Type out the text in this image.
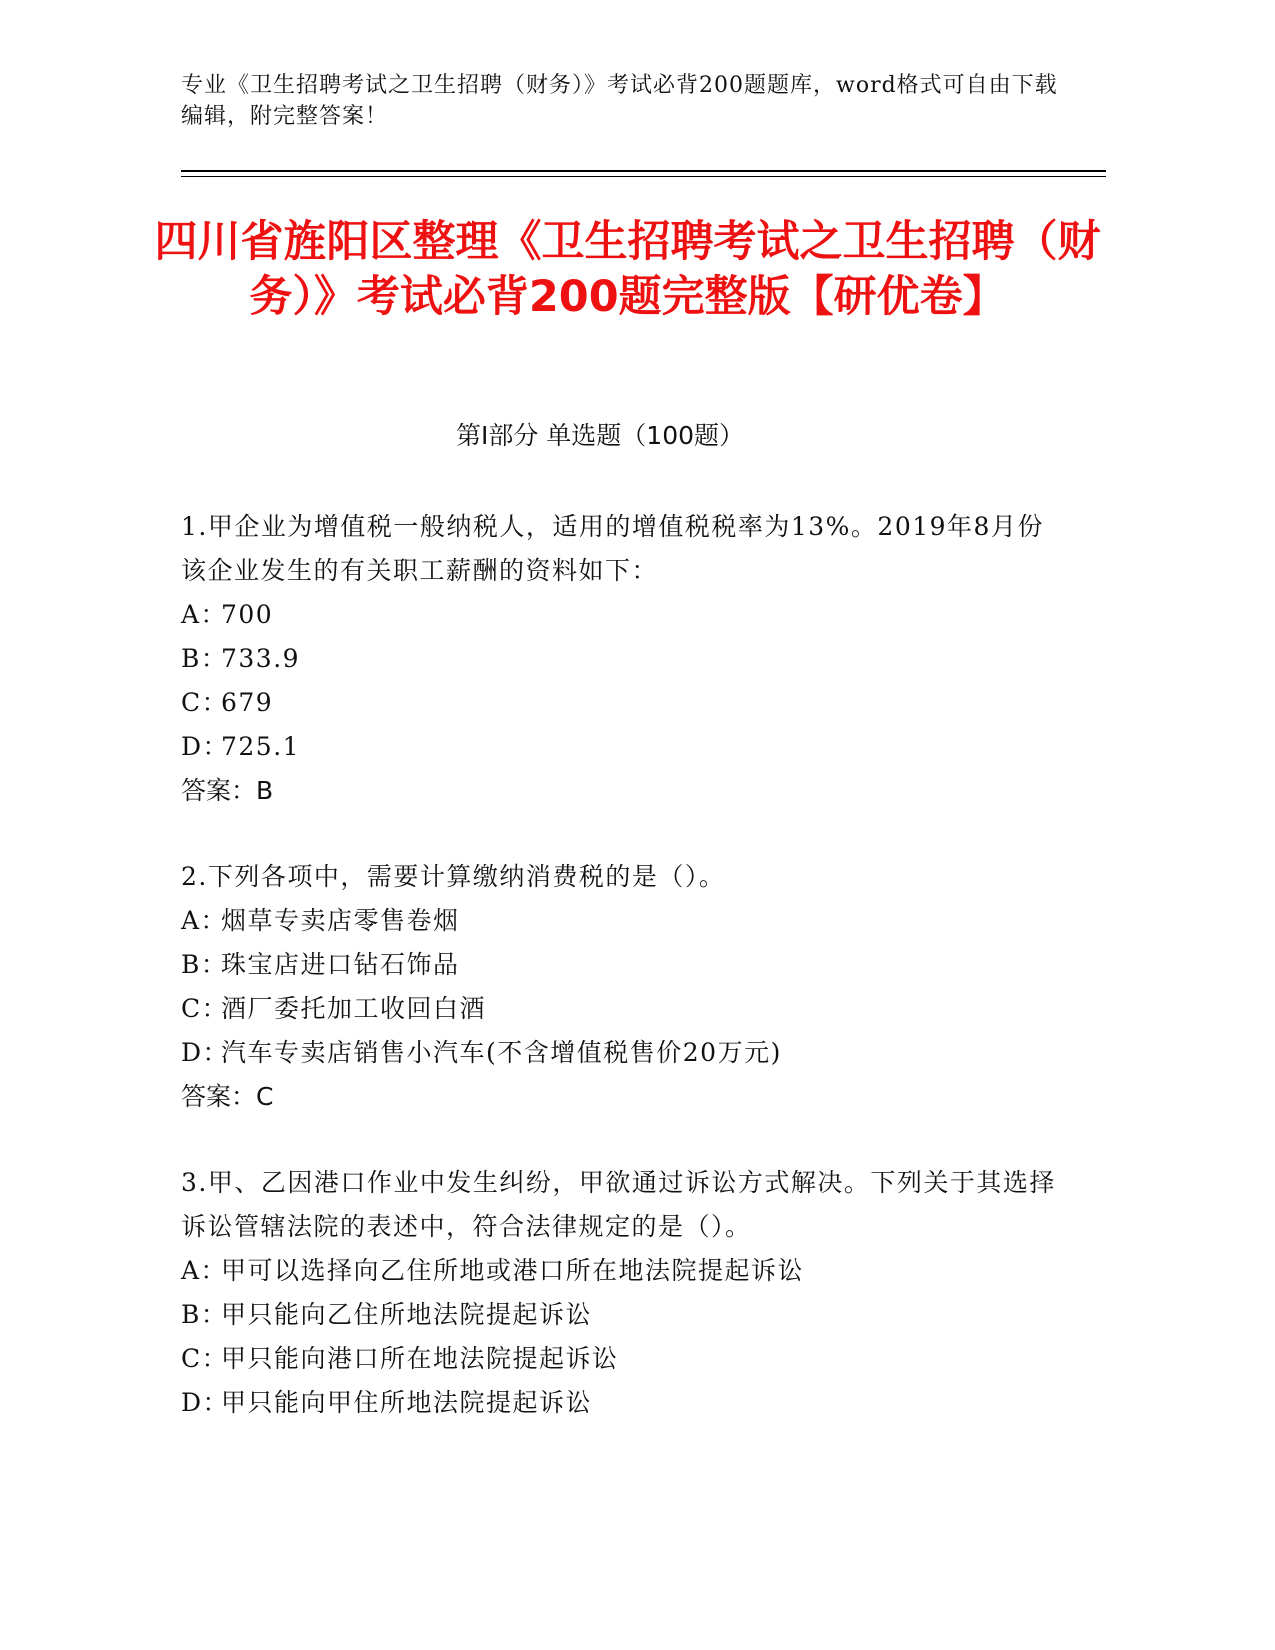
专业《卫生招聘考试之卫生招聘（财务）》考试必背200题题库，word格式可自由下载编辑，附完整答案！
四川省旌阳区整理《卫生招聘考试之卫生招聘（财务）》考试必背200题完整版【研优卷】
第Ⅰ部分 单选题（100题）
1.甲企业为增值税一般纳税人，适用的增值税税率为13%。2019年8月份该企业发生的有关职工薪酬的资料如下：
A：
700
B：
733.9
C：
679
D：
725.1
答案：B
2.下列各项中，需要计算缴纳消费税的是（）。
A：
烟草专卖店零售卷烟
B：
珠宝店进口钻石饰品
C：
酒厂委托加工收回白酒
D：
汽车专卖店销售小汽车(不含增值税售价20万元)
答案：C
3.甲、乙因港口作业中发生纠纷，甲欲通过诉讼方式解决。下列关于其选择诉讼管辖法院的表述中，符合法律规定的是（）。
A：
甲可以选择向乙住所地或港口所在地法院提起诉讼
B：
甲只能向乙住所地法院提起诉讼
C：
甲只能向港口所在地法院提起诉讼
D：
甲只能向甲住所地法院提起诉讼
